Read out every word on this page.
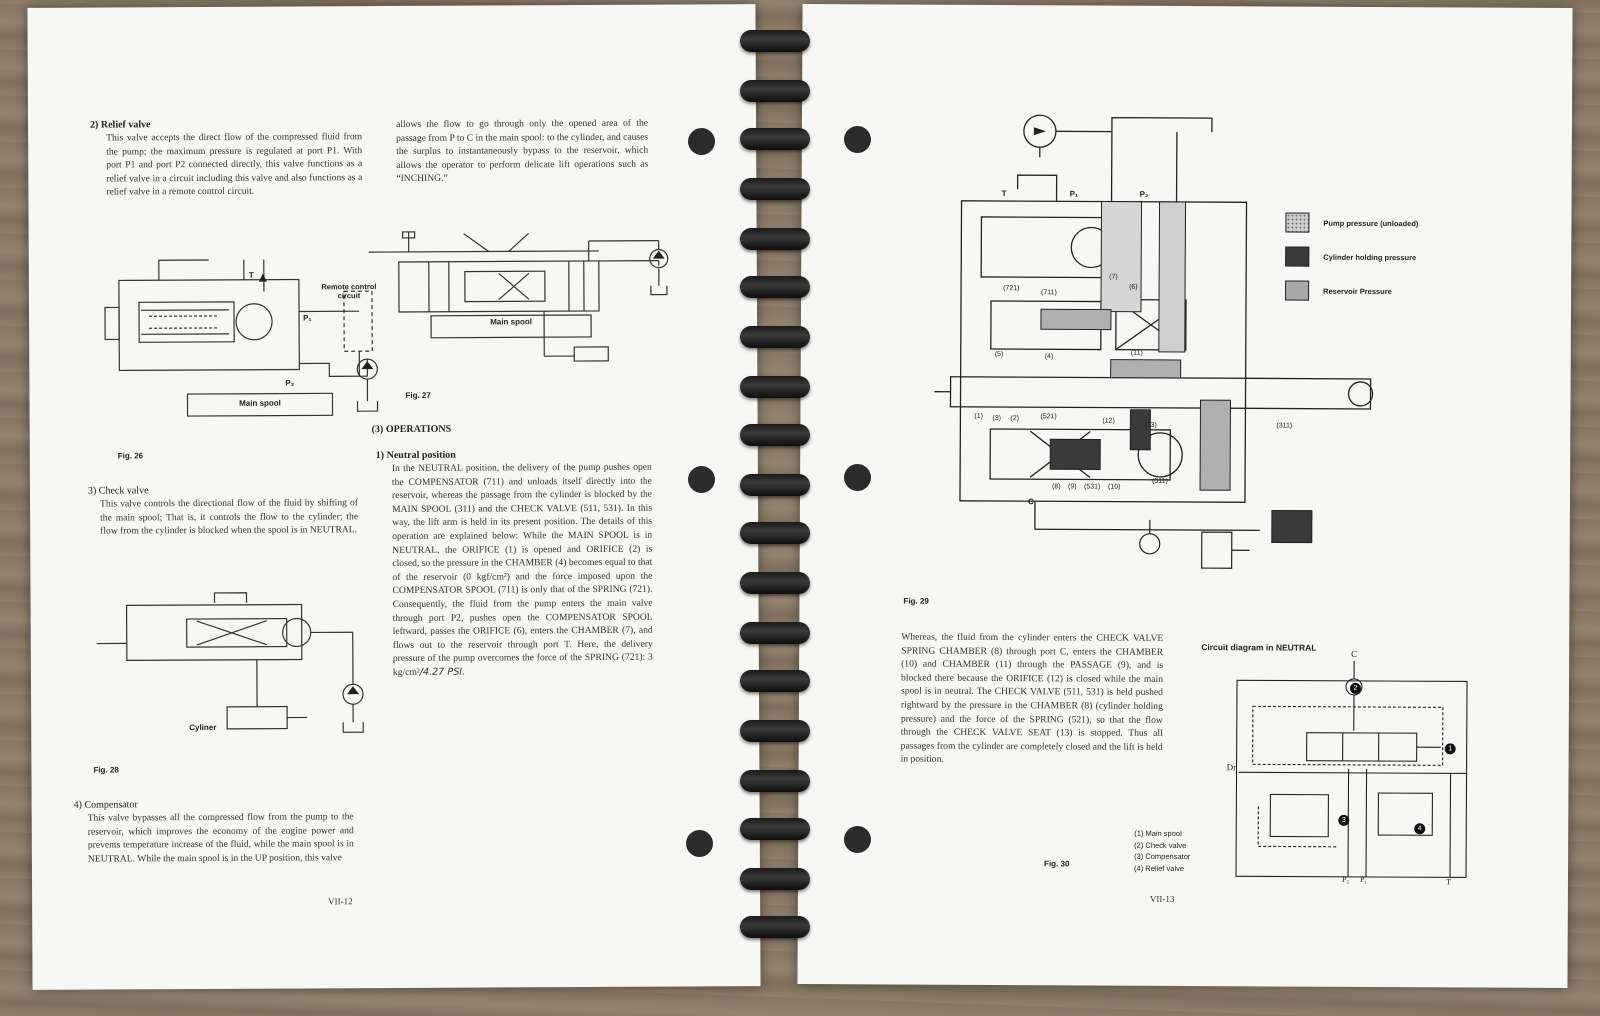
2) Relief valve
This valve accepts the direct flow of the compressed fluid from the pump; the maximum pressure is regulated at port P1. With port P1 and port P2 connected directly, this valve functions as a relief valve in a circuit including this valve and also functions as a relief valve in a remote control circuit.
Remote control circuit
T
P₁
P₂
Main spool
Fig. 26
3) Check valve
This valve controls the directional flow of the fluid by shifting of the main spool; That is, it controls the flow to the cylinder; the flow from the cylinder is blocked when the spool is in NEUTRAL.
Cyliner
Fig. 28
4) Compensator
This valve bypasses all the compressed flow from the pump to the reservoir, which improves the economy of the engine power and prevents temperature increase of the fluid, while the main spool is in NEUTRAL. While the main spool is in the UP position, this valve
VII-12
allows the flow to go through only the opened area of the passage from P to C in the main spool: to the cylinder, and causes the surplus to instantaneously bypass to the reservoir, which allows the operator to perform delicate lift operations such as “INCHING.”
Main spool
Fig. 27
(3) OPERATIONS
1) Neutral position
In the NEUTRAL position, the delivery of the pump pushes open the COMPENSATOR (711) and unloads itself directly into the reservoir, whereas the passage from the cylinder is blocked by the MAIN SPOOL (311) and the CHECK VALVE (511, 531). In this way, the lift arm is held in its present position. The details of this operation are explained below: While the MAIN SPOOL is in NEUTRAL, the ORIFICE (1) is opened and ORIFICE (2) is closed, so the pressure in the CHAMBER (4) becomes equal to that of the reservoir (0 kgf/cm²) and the force imposed upon the COMPENSATOR SPOOL (711) is only that of the SPRING (721). Consequently, the fluid from the pump enters the main valve through port P2, pushes open the COMPENSATOR SPOOL leftward, passes the ORIFICE (6), enters the CHAMBER (7), and flows out to the reservoir through port T. Here, the delivery pressure of the pump overcomes the force of the SPRING (721): 3 kg/cm²/4.27 PSI.
T	P₁	P₂
C
(721)
(711)
(7)
(6)
(5)	(4)
(11)
(1) (3) (2)	(521)
(12)
(13)	(311)
(8) (9) (531) (10)
(511)
Pump pressure (unloaded)
Cylinder holding pressure
Reservoir Pressure
Fig. 29
Whereas, the fluid from the cylinder enters the CHECK VALVE SPRING CHAMBER (8) through port C, enters the CHAMBER (10) and CHAMBER (11) through the PASSAGE (9), and is blocked there because the ORIFICE (12) is closed while the main spool is in neutral. The CHECK VALVE (511, 531) is held pushed rightward by the pressure in the CHAMBER (8) (cylinder holding pressure) and the force of the SPRING (521), so that the flow through the CHECK VALVE SEAT (13) is stopped. Thus all passages from the cylinder are completely closed and the lift is held in position.
Circuit diagram in NEUTRAL
C
Dr
P₂ P₁	T
2
1
3
4
(1) Main spool
(2) Check valve
(3) Compensator
(4) Relief valve
Fig. 30
VII-13
